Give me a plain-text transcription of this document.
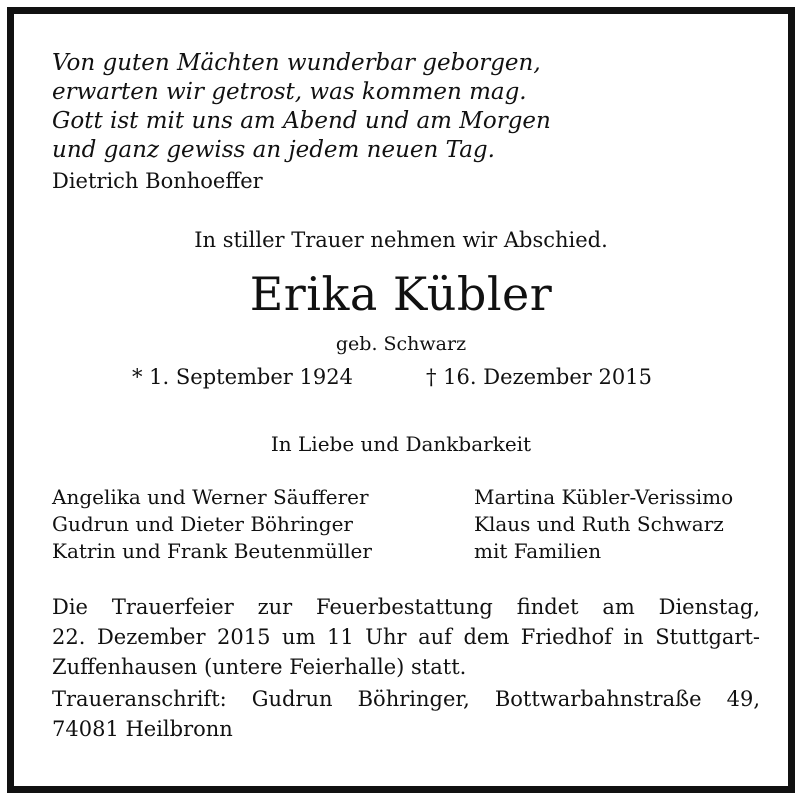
Von guten Mächten wunderbar geborgen,
erwarten wir getrost, was kommen mag.
Gott ist mit uns am Abend und am Morgen
und ganz gewiss an jedem neuen Tag.
Dietrich Bonhoeffer
In stiller Trauer nehmen wir Abschied.
Erika Kübler
geb. Schwarz
* 1. September 1924	† 16. Dezember 2015
In Liebe und Dankbarkeit
Angelika und Werner Säufferer
Gudrun und Dieter Böhringer
Katrin und Frank Beutenmüller
Martina Kübler-Verissimo
Klaus und Ruth Schwarz
mit Familien
Die Trauerfeier zur Feuerbestattung findet am Dienstag,
22. Dezember 2015 um 11 Uhr auf dem Friedhof in Stuttgart-
Zuffenhausen (untere Feierhalle) statt.
Traueranschrift: Gudrun Böhringer, Bottwarbahnstraße 49,
74081 Heilbronn
